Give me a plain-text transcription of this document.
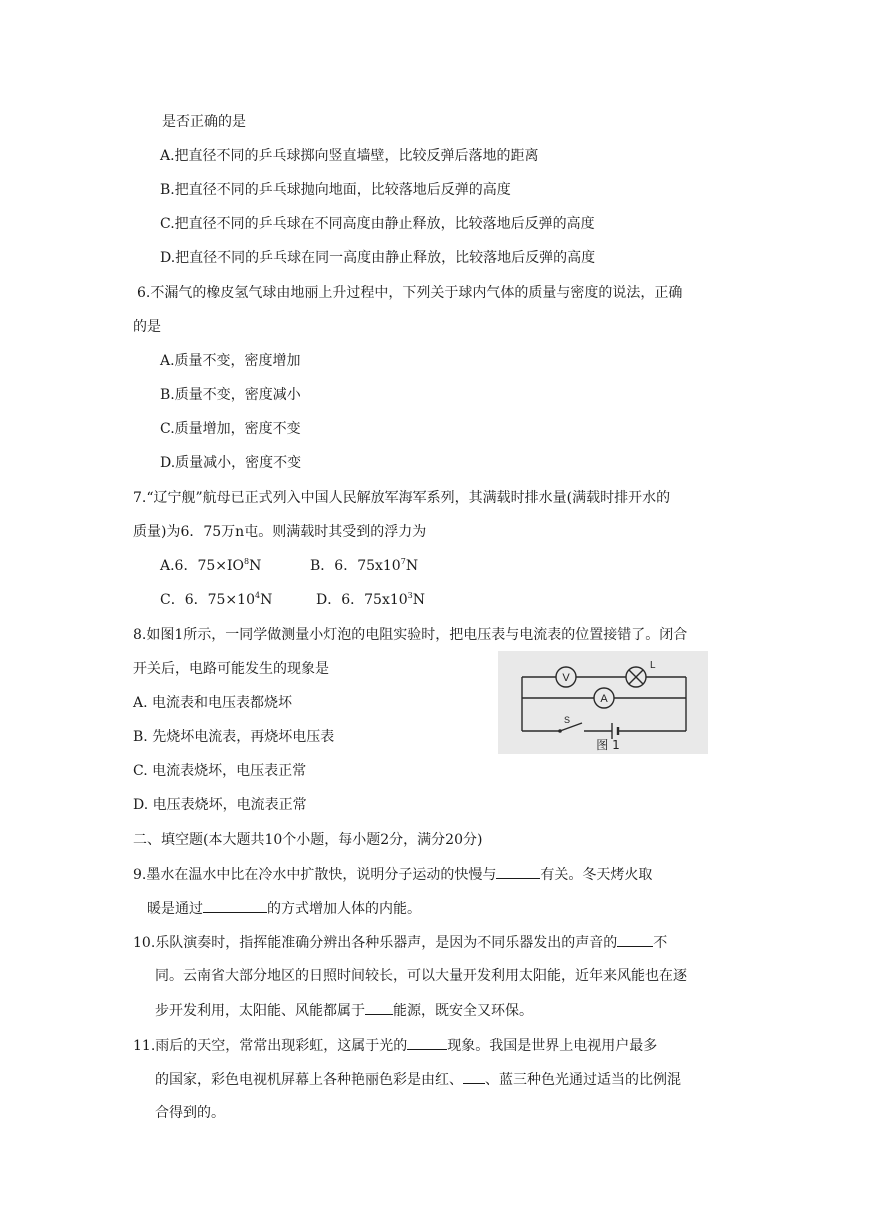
是否正确的是
A.把直径不同的乒乓球掷向竖直墙壁，比较反弹后落地的距离
B.把直径不同的乒乓球抛向地面，比较落地后反弹的高度
C.把直径不同的乒乓球在不同高度由静止释放，比较落地后反弹的高度
D.把直径不同的乒乓球在同一高度由静止释放，比较落地后反弹的高度
6.不漏气的橡皮氢气球由地丽上升过程中，下列关于球内气体的质量与密度的说法，正确
的是
A.质量不变，密度增加
B.质量不变，密度减小
C.质量增加，密度不变
D.质量减小，密度不变
7.“辽宁舰”航母已正式列入中国人民解放军海军系列，其满载时排水量(满载时排开水的
质量)为6．75万n屯。则满载时其受到的浮力为
A.6．$75\times IO^8N$	B．6．$75x10^7N$
C．6．$75\times 10^4N$	D．6．$75x10^3N$
8.如图1所示，一同学做测量小灯泡的电阻实验时，把电压表与电流表的位置接错了。闭合
开关后，电路可能发生的现象是
A. 电流表和电压表都烧坏
B. 先烧坏电流表，再烧坏电压表
C. 电流表烧坏，电压表正常
D. 电压表烧坏，电流表正常
V
A
L
S
图 1
二、填空题(本大题共10个小题，每小题2分，满分20分)
9.墨水在温水中比在冷水中扩散快，说明分子运动的快慢与	有关。冬天烤火取
暖是通过	的方式增加人体的内能。
10.乐队演奏时，指挥能准确分辨出各种乐器声，是因为不同乐器发出的声音的	不
同。云南省大部分地区的日照时间较长，可以大量开发利用太阳能，近年来风能也在逐
步开发利用，太阳能、风能都属于 能源，既安全又环保。
11.雨后的天空，常常出现彩虹，这属于光的	现象。我国是世界上电视用户最多
的国家，彩色电视机屏幕上各种艳丽色彩是由红、 、蓝三种色光通过适当的比例混
合得到的。
